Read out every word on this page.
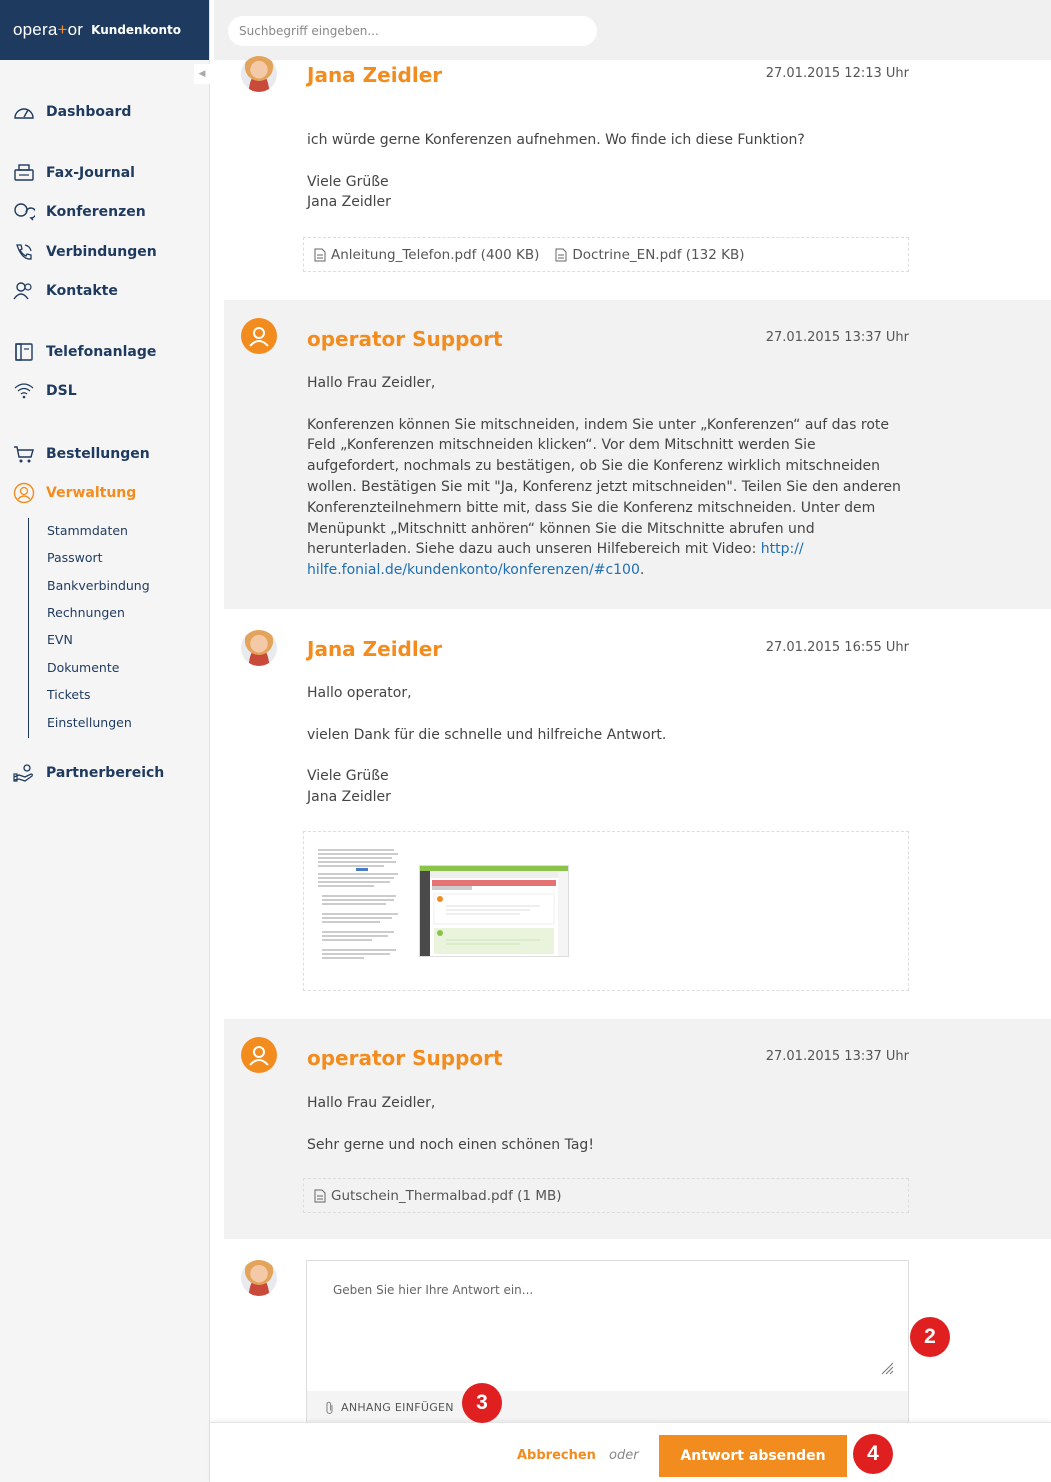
opera+or Kundenkonto
◀
Dashboard
Fax-Journal
Konferenzen
Verbindungen
Kontakte
Telefonanlage
DSL
Bestellungen
Verwaltung
Stammdaten
Passwort
Bankverbindung
Rechnungen
EVN
Dokumente
Tickets
Einstellungen
Partnerbereich
Suchbegriff eingeben...
Jana Zeidler	27.01.2015 12:13 Uhr

ich würde gerne Konferenzen aufnehmen. Wo finde ich diese Funktion?

Viele Grüße
Jana Zeidler
Anleitung_Telefon.pdf (400 KB) Doctrine_EN.pdf (132 KB)
operator Support	27.01.2015 13:37 Uhr

Hallo Frau Zeidler,

Konferenzen können Sie mitschneiden, indem Sie unter „Konferenzen“ auf das rote Feld „Konferenzen mitschneiden klicken“. Vor dem Mitschnitt werden Sie aufgefordert, nochmals zu bestätigen, ob Sie die Konferenz wirklich mitschneiden wollen. Bestätigen Sie mit "Ja, Konferenz jetzt mitschneiden". Teilen Sie den anderen Konferenzteilnehmern bitte mit, dass Sie die Konferenz mitschneiden. Unter dem Menüpunkt „Mitschnitt anhören“ können Sie die Mitschnitte abrufen und herunterladen. Siehe dazu auch unseren Hilfebereich mit Video: http://
hilfe.fonial.de/kundenkonto/konferenzen/#c100.

Jana Zeidler	27.01.2015 16:55 Uhr

Hallo operator,

vielen Dank für die schnelle und hilfreiche Antwort.

Viele Grüße
Jana Zeidler
operator Support	27.01.2015 13:37 Uhr

Hallo Frau Zeidler,

Sehr gerne und noch einen schönen Tag!

Gutschein_Thermalbad.pdf (1 MB)
Geben Sie hier Ihre Antwort ein...
ANHANG EINFÜGEN
Abbrechen oder	Antwort absenden
2
3
4
